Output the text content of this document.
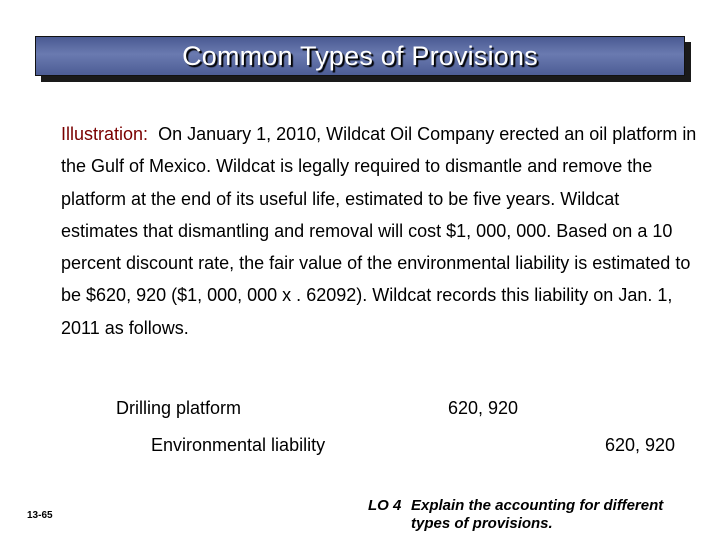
Common Types of Provisions

Illustration: On January 1, 2010, Wildcat Oil Company erected an oil platform in the Gulf of Mexico. Wildcat is legally required to dismantle and remove the platform at the end of its useful life, estimated to be five years. Wildcat estimates that dismantling and removal will cost $1, 000, 000. Based on a 10 percent discount rate, the fair value of the environmental liability is estimated to be $620, 920 ($1, 000, 000 x . 62092). Wildcat records this liability on Jan. 1, 2011 as follows.

Drilling platform	620, 920
Environmental liability	620, 920
13-65
LO 4 Explain the accounting for different
types of provisions.
